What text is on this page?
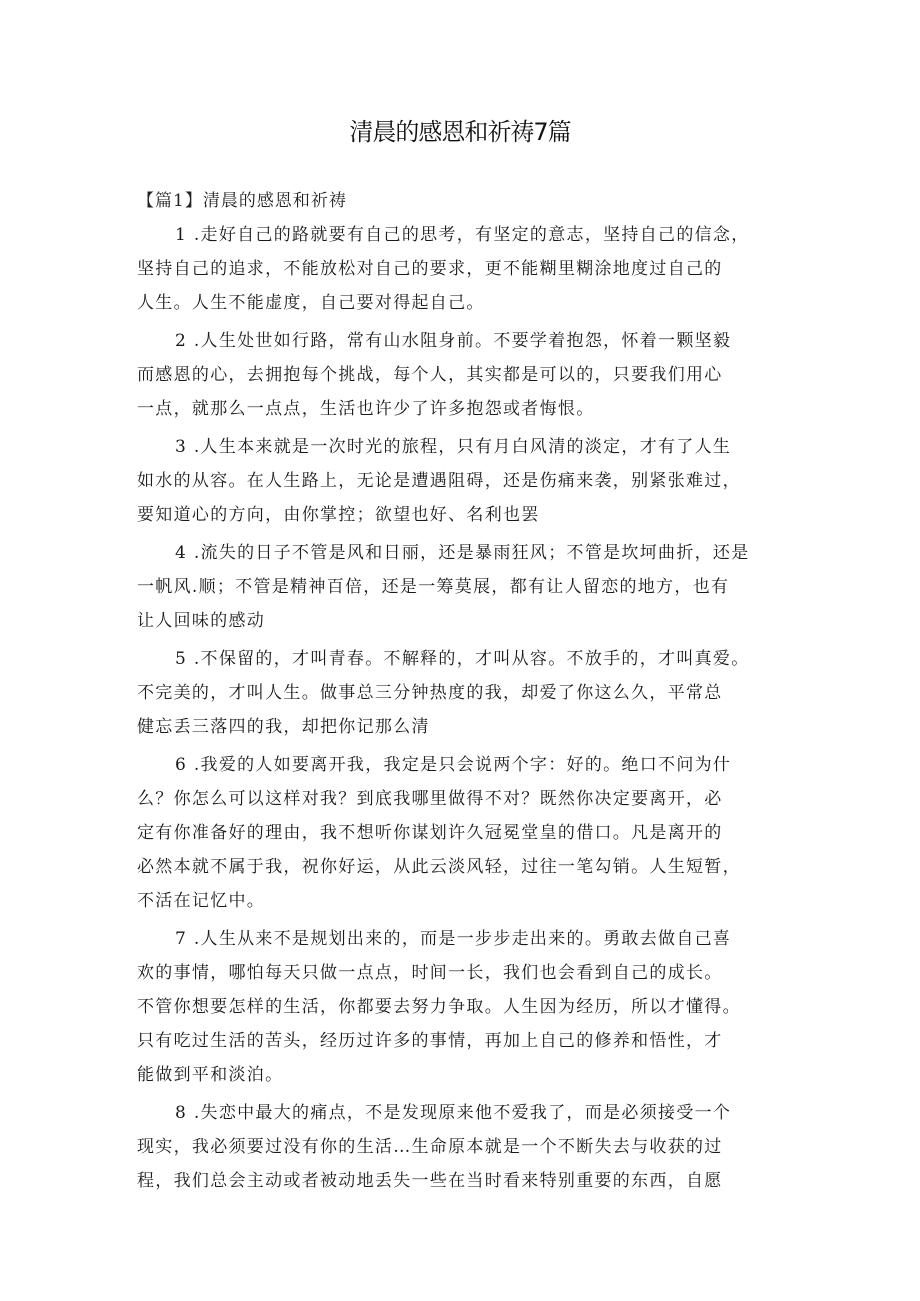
清晨的感恩和祈祷7篇
【篇1】清晨的感恩和祈祷
1 .走好自己的路就要有自己的思考，有坚定的意志，坚持自己的信念，
坚持自己的追求，不能放松对自己的要求，更不能糊里糊涂地度过自己的
人生。人生不能虚度，自己要对得起自己。
2 .人生处世如行路，常有山水阻身前。不要学着抱怨，怀着一颗坚毅
而感恩的心，去拥抱每个挑战，每个人，其实都是可以的，只要我们用心
一点，就那么一点点，生活也许少了许多抱怨或者悔恨。
3 .人生本来就是一次时光的旅程，只有月白风清的淡定，才有了人生
如水的从容。在人生路上，无论是遭遇阻碍，还是伤痛来袭，别紧张难过，
要知道心的方向，由你掌控；欲望也好、名利也罢
4 .流失的日子不管是风和日丽，还是暴雨狂风；不管是坎坷曲折，还是
一帆风.顺；不管是精神百倍，还是一筹莫展，都有让人留恋的地方，也有
让人回味的感动
5 .不保留的，才叫青春。不解释的，才叫从容。不放手的，才叫真爱。
不完美的，才叫人生。做事总三分钟热度的我，却爱了你这么久，平常总
健忘丢三落四的我，却把你记那么清
6 .我爱的人如要离开我，我定是只会说两个字：好的。绝口不问为什
么？你怎么可以这样对我？到底我哪里做得不对？既然你决定要离开，必
定有你准备好的理由，我不想听你谋划许久冠冕堂皇的借口。凡是离开的
必然本就不属于我，祝你好运，从此云淡风轻，过往一笔勾销。人生短暂，
不活在记忆中。
7 .人生从来不是规划出来的，而是一步步走出来的。勇敢去做自己喜
欢的事情，哪怕每天只做一点点，时间一长，我们也会看到自己的成长。
不管你想要怎样的生活，你都要去努力争取。人生因为经历，所以才懂得。
只有吃过生活的苦头，经历过许多的事情，再加上自己的修养和悟性，才
能做到平和淡泊。
8 .失恋中最大的痛点，不是发现原来他不爱我了，而是必须接受一个
现实，我必须要过没有你的生活…生命原本就是一个不断失去与收获的过
程，我们总会主动或者被动地丢失一些在当时看来特别重要的东西，自愿
